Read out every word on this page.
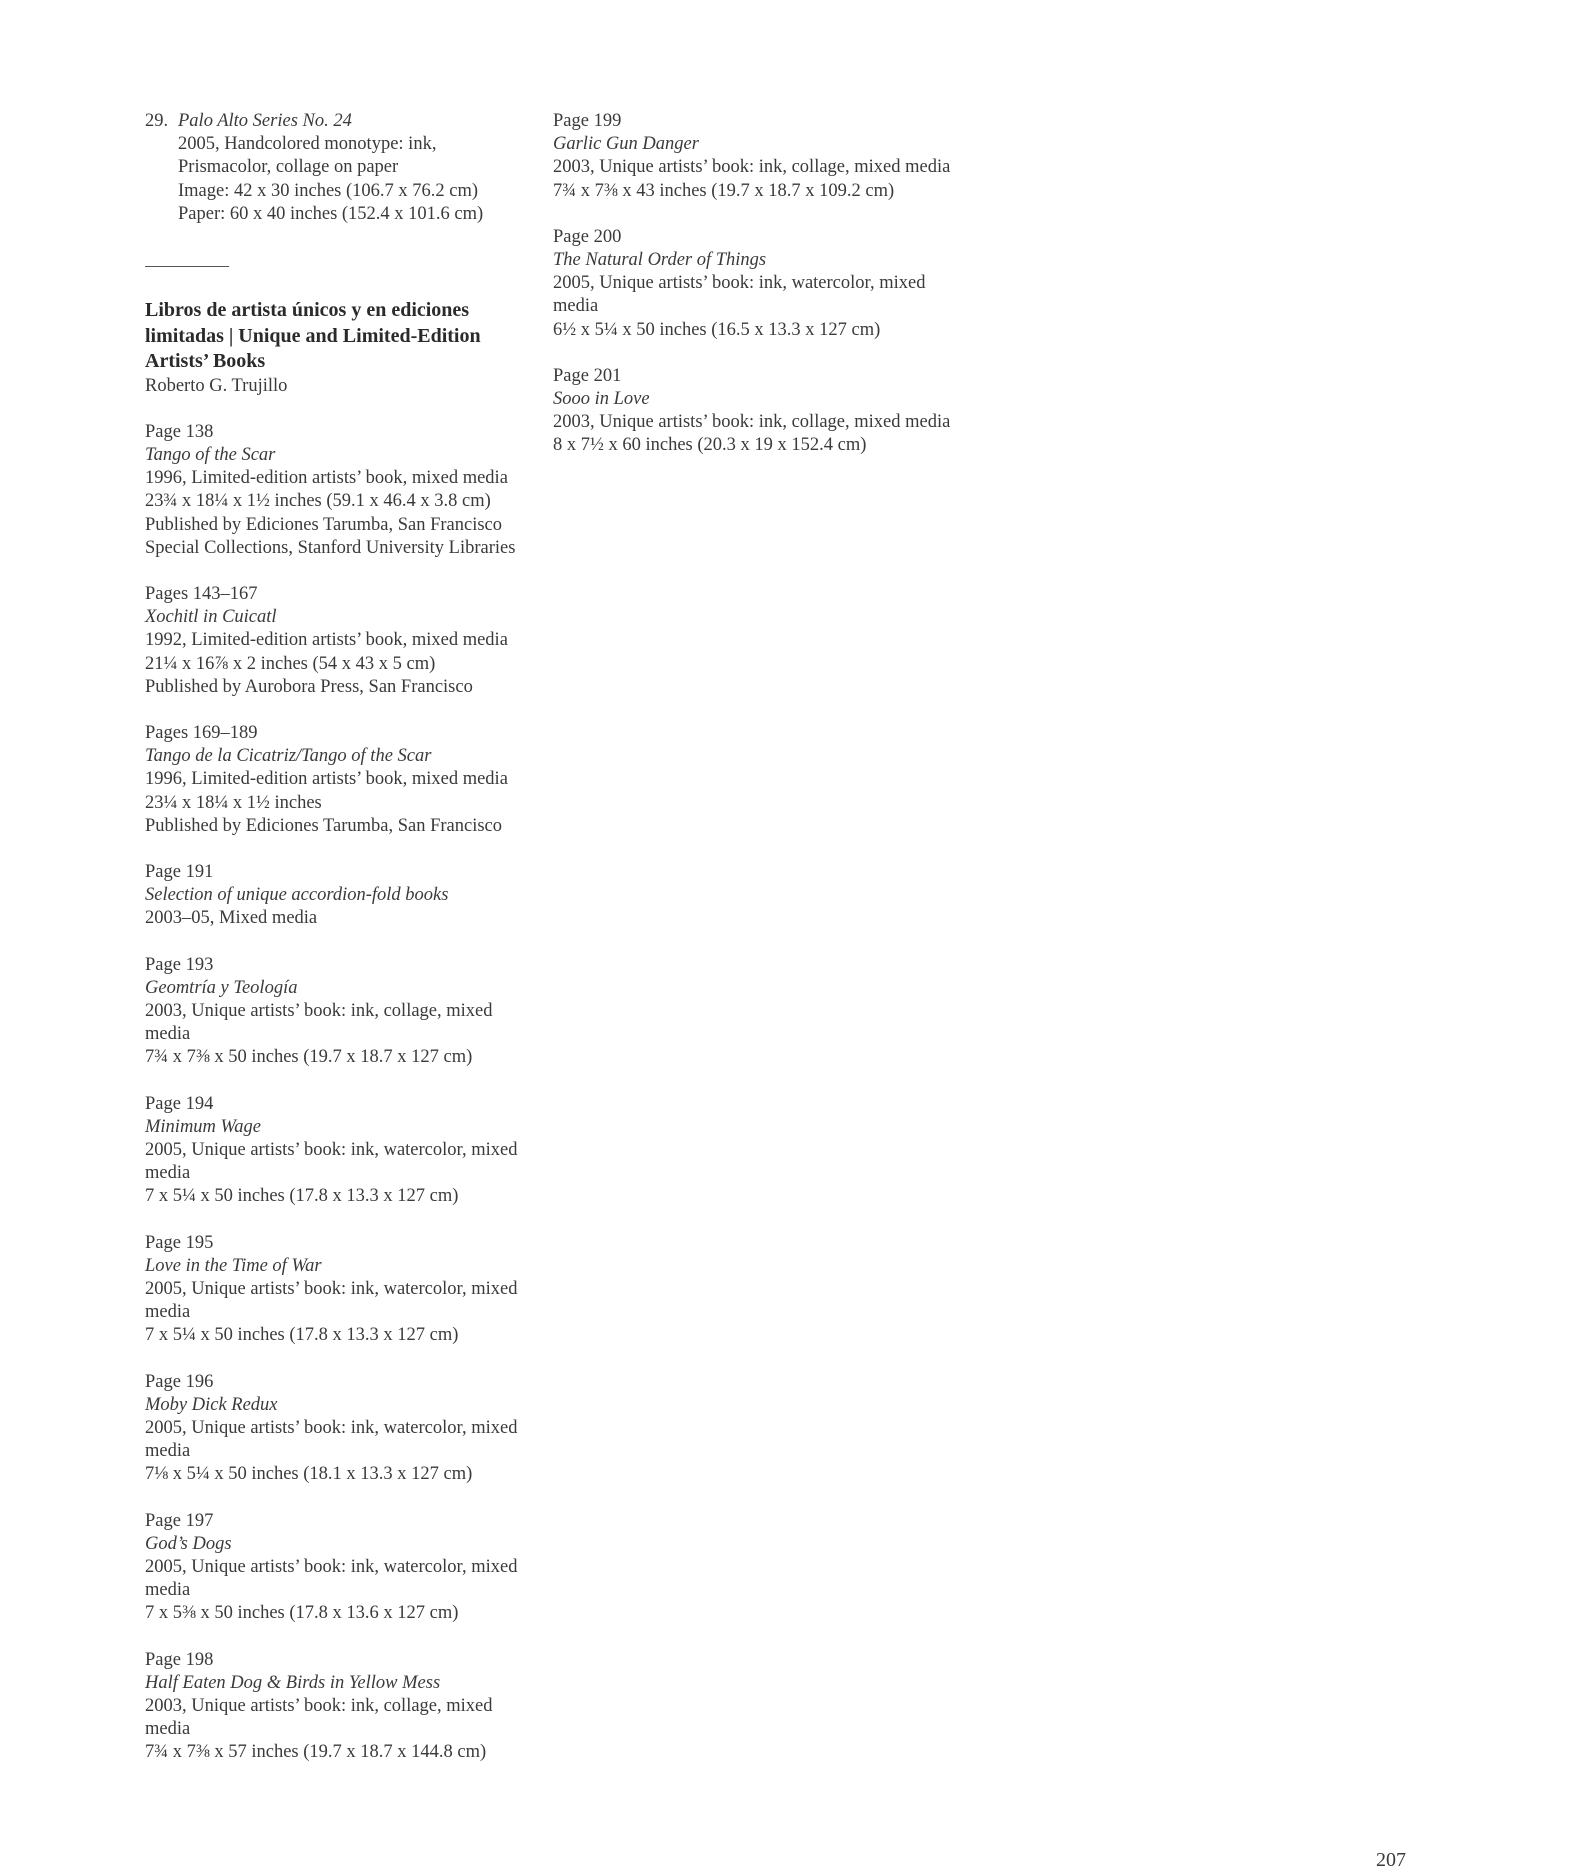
29. Palo Alto Series No. 24
2005, Handcolored monotype: ink,
Prismacolor, collage on paper
Image: 42 x 30 inches (106.7 x 76.2 cm)
Paper: 60 x 40 inches (152.4 x 101.6 cm)
Libros de artista únicos y en ediciones limitadas | Unique and Limited-Edition Artists’ Books
Roberto G. Trujillo
Page 138
Tango of the Scar
1996, Limited-edition artists’ book, mixed media
23¾ x 18¼ x 1½ inches (59.1 x 46.4 x 3.8 cm)
Published by Ediciones Tarumba, San Francisco
Special Collections, Stanford University Libraries
Pages 143–167
Xochitl in Cuicatl
1992, Limited-edition artists’ book, mixed media
21¼ x 16⅞ x 2 inches (54 x 43 x 5 cm)
Published by Aurobora Press, San Francisco
Pages 169–189
Tango de la Cicatriz/Tango of the Scar
1996, Limited-edition artists’ book, mixed media
23¼ x 18¼ x 1½ inches
Published by Ediciones Tarumba, San Francisco
Page 191
Selection of unique accordion-fold books
2003–05, Mixed media
Page 193
Geomtría y Teología
2003, Unique artists’ book: ink, collage, mixed media
7¾ x 7⅜ x 50 inches (19.7 x 18.7 x 127 cm)
Page 194
Minimum Wage
2005, Unique artists’ book: ink, watercolor, mixed media
7 x 5¼ x 50 inches (17.8 x 13.3 x 127 cm)
Page 195
Love in the Time of War
2005, Unique artists’ book: ink, watercolor, mixed media
7 x 5¼ x 50 inches (17.8 x 13.3 x 127 cm)
Page 196
Moby Dick Redux
2005, Unique artists’ book: ink, watercolor, mixed media
7⅛ x 5¼ x 50 inches (18.1 x 13.3 x 127 cm)
Page 197
God’s Dogs
2005, Unique artists’ book: ink, watercolor, mixed media
7 x 5⅜ x 50 inches (17.8 x 13.6 x 127 cm)
Page 198
Half Eaten Dog & Birds in Yellow Mess
2003, Unique artists’ book: ink, collage, mixed media
7¾ x 7⅜ x 57 inches (19.7 x 18.7 x 144.8 cm)
Page 199
Garlic Gun Danger
2003, Unique artists’ book: ink, collage, mixed media
7¾ x 7⅜ x 43 inches (19.7 x 18.7 x 109.2 cm)
Page 200
The Natural Order of Things
2005, Unique artists’ book: ink, watercolor, mixed media
6½ x 5¼ x 50 inches (16.5 x 13.3 x 127 cm)
Page 201
Sooo in Love
2003, Unique artists’ book: ink, collage, mixed media
8 x 7½ x 60 inches (20.3 x 19 x 152.4 cm)
207
